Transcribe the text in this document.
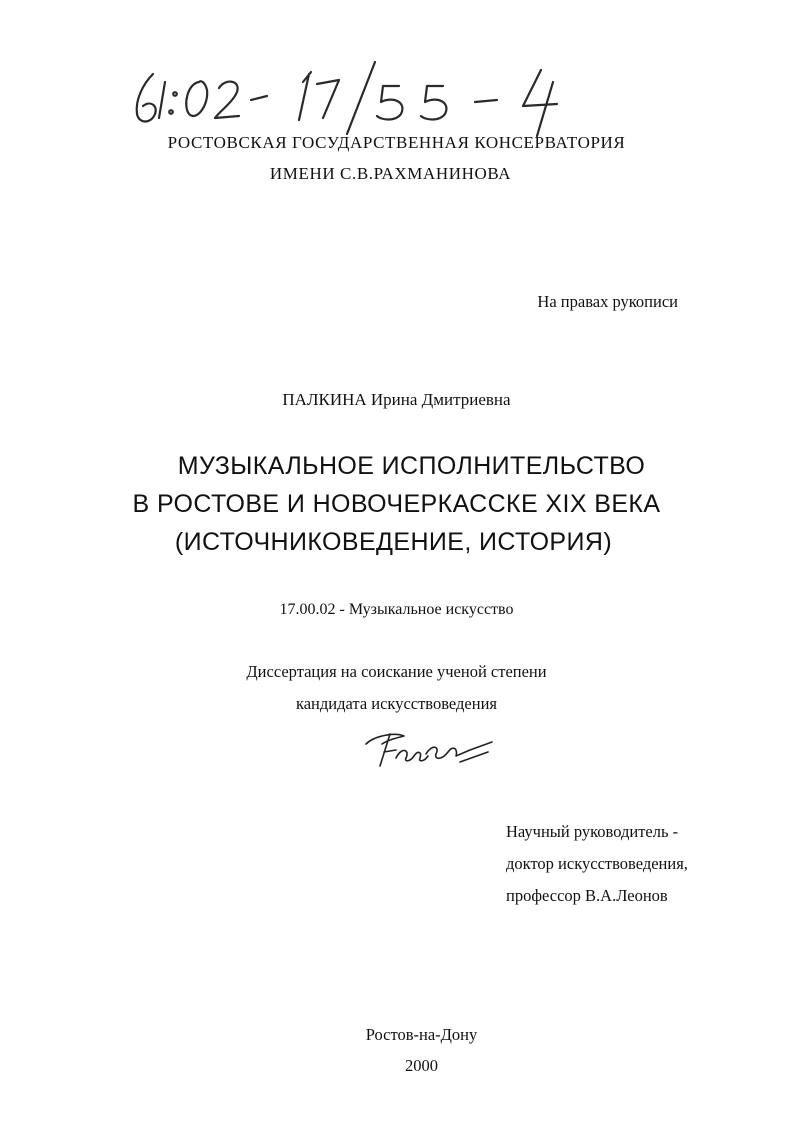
РОСТОВСКАЯ ГОСУДАРСТВЕННАЯ КОНСЕРВАТОРИЯ
ИМЕНИ С.В.РАХМАНИНОВА
На правах рукописи
ПАЛКИНА Ирина Дмитриевна
МУЗЫКАЛЬНОЕ ИСПОЛНИТЕЛЬСТВО
В РОСТОВЕ И НОВОЧЕРКАССКЕ XIX ВЕКА
(ИСТОЧНИКОВЕДЕНИЕ, ИСТОРИЯ)
17.00.02 - Музыкальное искусство
Диссертация на соискание ученой степени
кандидата искусствоведения
Научный руководитель -
доктор искусствоведения,
профессор В.А.Леонов
Ростов-на-Дону
2000
